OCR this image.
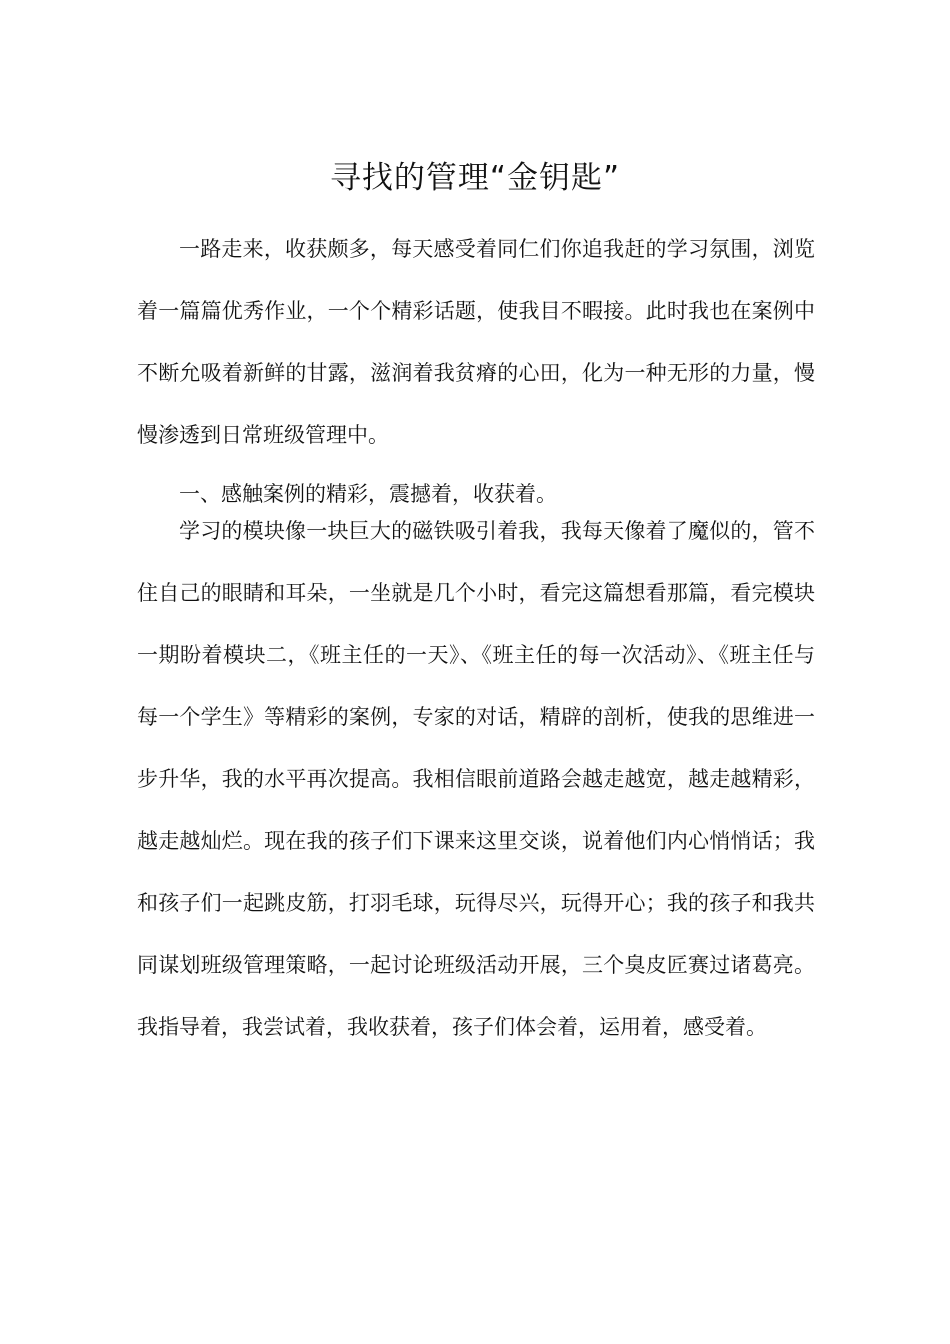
寻找的管理“金钥匙”

一路走来，收获颇多，每天感受着同仁们你追我赶的学习氛围，浏览着一篇篇优秀作业，一个个精彩话题，使我目不暇接。此时我也在案例中不断允吸着新鲜的甘露，滋润着我贫瘠的心田，化为一种无形的力量，慢慢渗透到日常班级管理中。

一、感触案例的精彩，震撼着，收获着。

学习的模块像一块巨大的磁铁吸引着我，我每天像着了魔似的，管不住自己的眼睛和耳朵，一坐就是几个小时，看完这篇想看那篇，看完模块一期盼着模块二，《班主任的一天》、《班主任的每一次活动》、《班主任与每一个学生》等精彩的案例，专家的对话，精辟的剖析，使我的思维进一步升华，我的水平再次提高。我相信眼前道路会越走越宽，越走越精彩，越走越灿烂。现在我的孩子们下课来这里交谈，说着他们内心悄悄话；我和孩子们一起跳皮筋，打羽毛球，玩得尽兴，玩得开心；我的孩子和我共同谋划班级管理策略，一起讨论班级活动开展，三个臭皮匠赛过诸葛亮。我指导着，我尝试着，我收获着，孩子们体会着，运用着，感受着。
